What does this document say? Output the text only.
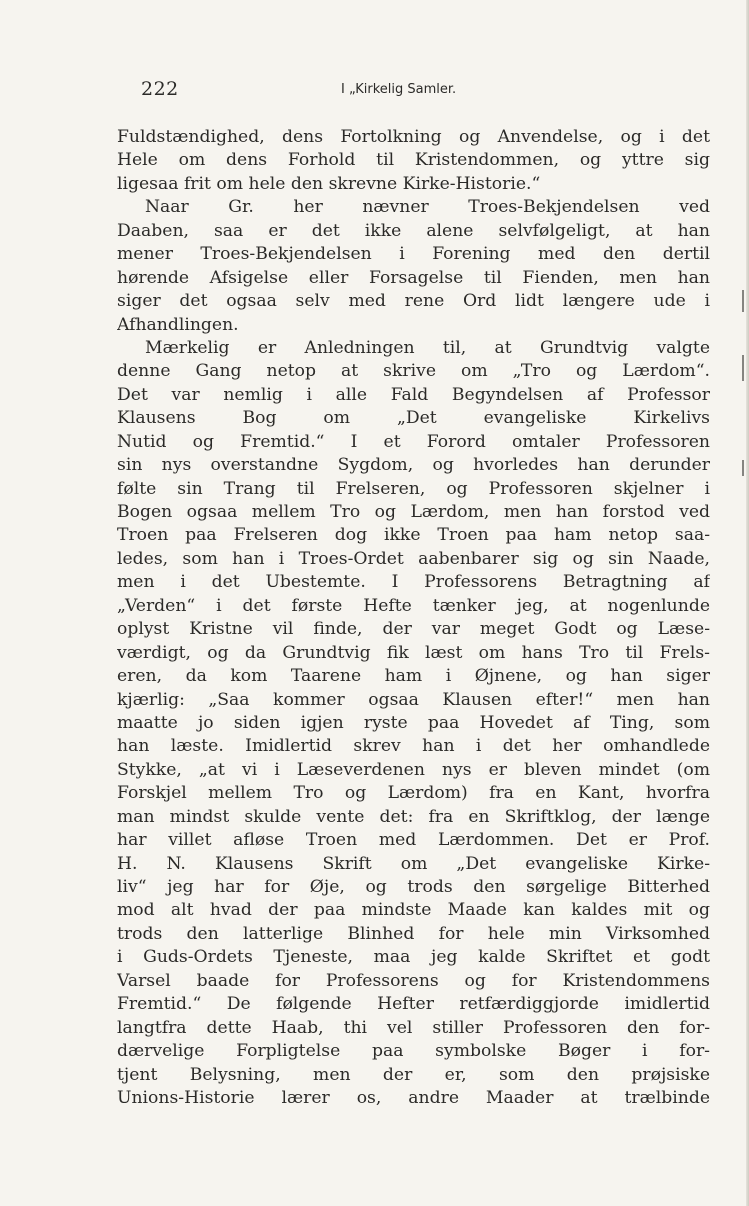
222	I „Kirkelig Samler.
Fuldstændighed, dens Fortolkning og Anvendelse, og i det
Hele om dens Forhold til Kristendommen, og yttre sig
ligesaa frit om hele den skrevne Kirke-Historie.“
Naar Gr. her nævner Troes-Bekjendelsen ved
Daaben, saa er det ikke alene selvfølgeligt, at han
mener Troes-Bekjendelsen i Forening med den dertil
hørende Afsigelse eller Forsagelse til Fienden, men han
siger det ogsaa selv med rene Ord lidt længere ude i
Afhandlingen.
Mærkelig er Anledningen til, at Grundtvig valgte
denne Gang netop at skrive om „Tro og Lærdom“.
Det var nemlig i alle Fald Begyndelsen af Professor
Klausens Bog om „Det evangeliske Kirkelivs
Nutid og Fremtid.“ I et Forord omtaler Professoren
sin nys overstandne Sygdom, og hvorledes han derunder
følte sin Trang til Frelseren, og Professoren skjelner i
Bogen ogsaa mellem Tro og Lærdom, men han forstod ved
Troen paa Frelseren dog ikke Troen paa ham netop saa-
ledes, som han i Troes-Ordet aabenbarer sig og sin Naade,
men i det Ubestemte. I Professorens Betragtning af
„Verden“ i det første Hefte tænker jeg, at nogenlunde
oplyst Kristne vil finde, der var meget Godt og Læse-
værdigt, og da Grundtvig fik læst om hans Tro til Frels-
eren, da kom Taarene ham i Øjnene, og han siger
kjærlig: „Saa kommer ogsaa Klausen efter!“ men han
maatte jo siden igjen ryste paa Hovedet af Ting, som
han læste. Imidlertid skrev han i det her omhandlede
Stykke, „at vi i Læseverdenen nys er bleven mindet (om
Forskjel mellem Tro og Lærdom) fra en Kant, hvorfra
man mindst skulde vente det: fra en Skriftklog, der længe
har villet afløse Troen med Lærdommen. Det er Prof.
H. N. Klausens Skrift om „Det evangeliske Kirke-
liv“ jeg har for Øje, og trods den sørgelige Bitterhed
mod alt hvad der paa mindste Maade kan kaldes mit og
trods den latterlige Blinhed for hele min Virksomhed
i Guds-Ordets Tjeneste, maa jeg kalde Skriftet et godt
Varsel baade for Professorens og for Kristendommens
Fremtid.“ De følgende Hefter retfærdiggjorde imidlertid
langtfra dette Haab, thi vel stiller Professoren den for-
dærvelige Forpligtelse paa symbolske Bøger i for-
tjent Belysning, men der er, som den prøjsiske
Unions-Historie lærer os, andre Maader at trælbinde
